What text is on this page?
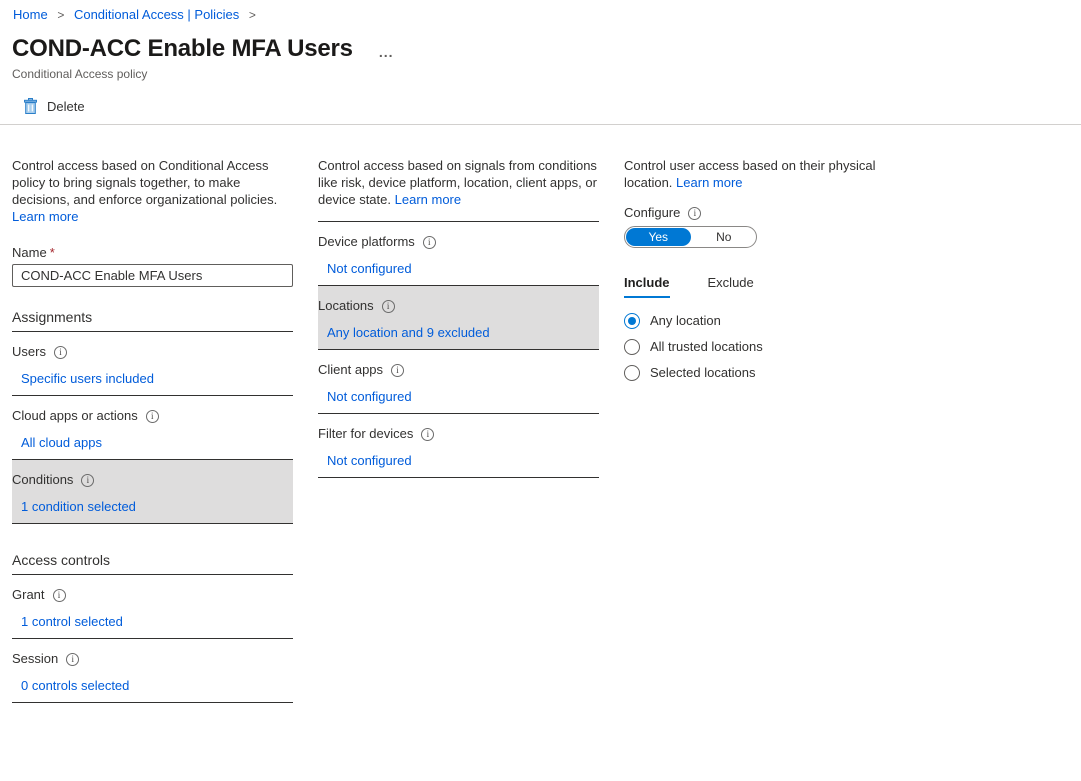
Home > Conditional Access | Policies >
COND-ACC Enable MFA Users ...
Conditional Access policy
Delete

Control access based on Conditional Access policy to bring signals together, to make decisions, and enforce organizational policies. Learn more

Name *
COND-ACC Enable MFA Users
Assignments
Users	i
Specific users included
Cloud apps or actions	i
All cloud apps
Conditions	i
1 condition selected
Access controls
Grant	i
1 control selected
Session	i
0 controls selected

Control access based on signals from conditions like risk, device platform, location, client apps, or device state. Learn more

Device platforms	i
Not configured
Locations	i
Any location and 9 excluded
Client apps	i
Not configured
Filter for devices	i
Not configured

Control user access based on their physical location. Learn more

Configure	i
Yes	No
Include	Exclude
Any location
All trusted locations
Selected locations
